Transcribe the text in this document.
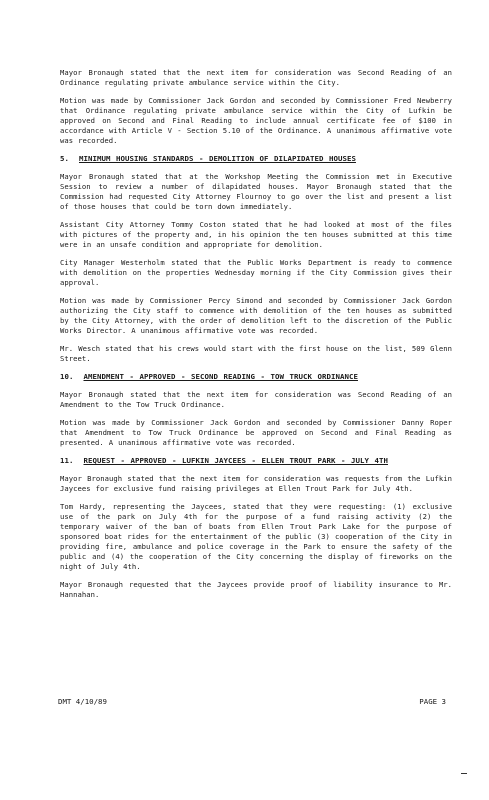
Mayor Bronaugh stated that the next item for consideration was Second Reading of an Ordinance regulating private ambulance service within the City.

Motion was made by Commissioner Jack Gordon and seconded by Commissioner Fred Newberry that Ordinance regulating private ambulance service within the City of Lufkin be approved on Second and Final Reading to include annual certificate fee of $100 in accordance with Article V - Section 5.10 of the Ordinance. A unanimous affirmative vote was recorded.

5. MINIMUM HOUSING STANDARDS - DEMOLITION OF DILAPIDATED HOUSES

Mayor Bronaugh stated that at the Workshop Meeting the Commission met in Executive Session to review a number of dilapidated houses. Mayor Bronaugh stated that the Commission had requested City Attorney Flournoy to go over the list and present a list of those houses that could be torn down immediately.

Assistant City Attorney Tommy Coston stated that he had looked at most of the files with pictures of the property and, in his opinion the ten houses submitted at this time were in an unsafe condition and appropriate for demolition.

City Manager Westerholm stated that the Public Works Department is ready to commence with demolition on the properties Wednesday morning if the City Commission gives their approval.

Motion was made by Commissioner Percy Simond and seconded by Commissioner Jack Gordon authorizing the City staff to commence with demolition of the ten houses as submitted by the City Attorney, with the order of demolition left to the discretion of the Public Works Director. A unanimous affirmative vote was recorded.

Mr. Wesch stated that his crews would start with the first house on the list, 509 Glenn Street.

10. AMENDMENT - APPROVED - SECOND READING - TOW TRUCK ORDINANCE

Mayor Bronaugh stated that the next item for consideration was Second Reading of an Amendment to the Tow Truck Ordinance.

Motion was made by Commissioner Jack Gordon and seconded by Commissioner Danny Roper that Amendment to Tow Truck Ordinance be approved on Second and Final Reading as presented. A unanimous affirmative vote was recorded.

11. REQUEST - APPROVED - LUFKIN JAYCEES - ELLEN TROUT PARK - JULY 4TH

Mayor Bronaugh stated that the next item for consideration was requests from the Lufkin Jaycees for exclusive fund raising privileges at Ellen Trout Park for July 4th.

Tom Hardy, representing the Jaycees, stated that they were requesting: (1) exclusive use of the park on July 4th for the purpose of a fund raising activity (2) the temporary waiver of the ban of boats from Ellen Trout Park Lake for the purpose of sponsored boat rides for the entertainment of the public (3) cooperation of the City in providing fire, ambulance and police coverage in the Park to ensure the safety of the public and (4) the cooperation of the City concerning the display of fireworks on the night of July 4th.

Mayor Bronaugh requested that the Jaycees provide proof of liability insurance to Mr. Hannahan.

DMT 4/10/89	PAGE 3
